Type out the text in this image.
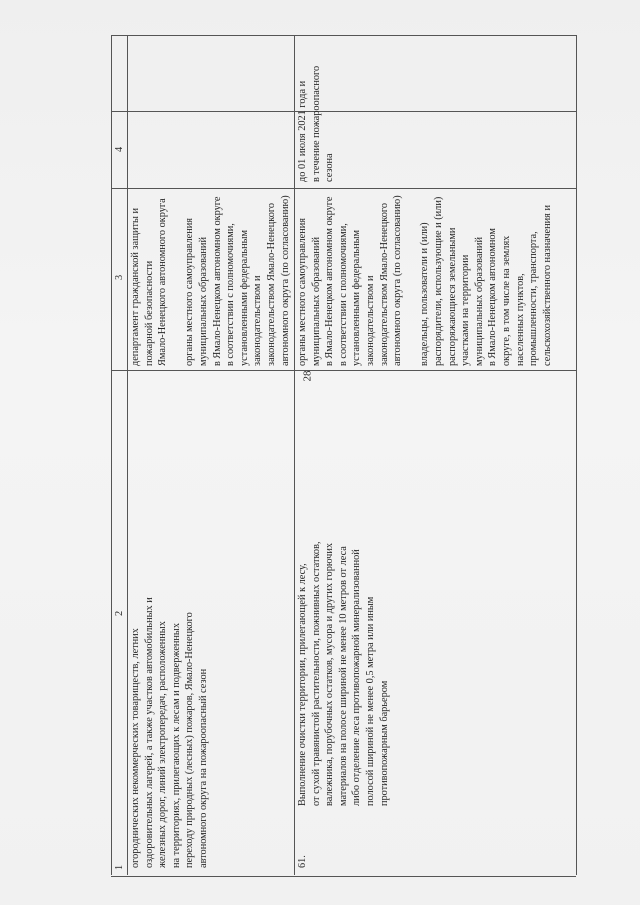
28
1
2
3
4
огороднических некоммерческих товариществ, летних оздоровительных лагерей, а также участков автомобильных и железных дорог, линий электропередач, расположенных на территориях, прилегающих к лесам и подверженных переходу природных (лесных) пожаров, Ямало-Ненецкого автономного округа на пожароопасный сезон
департамент гражданской защиты и пожарной безопасности Ямало-Ненецкого автономного округа
органы местного самоуправления муниципальных образований в Ямало-Ненецком автономном округе в соответствии с полномочиями, установленными федеральным законодательством и законодательством Ямало-Ненецкого автономного округа (по согласованию)
61.
Выполнение очистки территории, прилегающей к лесу, от сухой травянистой растительности, пожнивных остатков, валежника, порубочных остатков, мусора и других горючих материалов на полосе шириной не менее 10 метров от леса либо отделение леса противопожарной минерализованной полосой шириной не менее 0,5 метра или иным противопожарным барьером
органы местного самоуправления муниципальных образований в Ямало-Ненецком автономном округе в соответствии с полномочиями, установленными федеральным законодательством и законодательством Ямало-Ненецкого автономного округа (по согласованию)
владельцы, пользователи и (или) распорядители, использующие и (или) распоряжающиеся земельными участками на территории муниципальных образований в Ямало-Ненецком автономном округе, в том числе на землях населенных пунктов, промышленности, транспорта, сельскохозяйственного назначения и
до 01 июля 2021 года и в течение пожароопасного сезона
